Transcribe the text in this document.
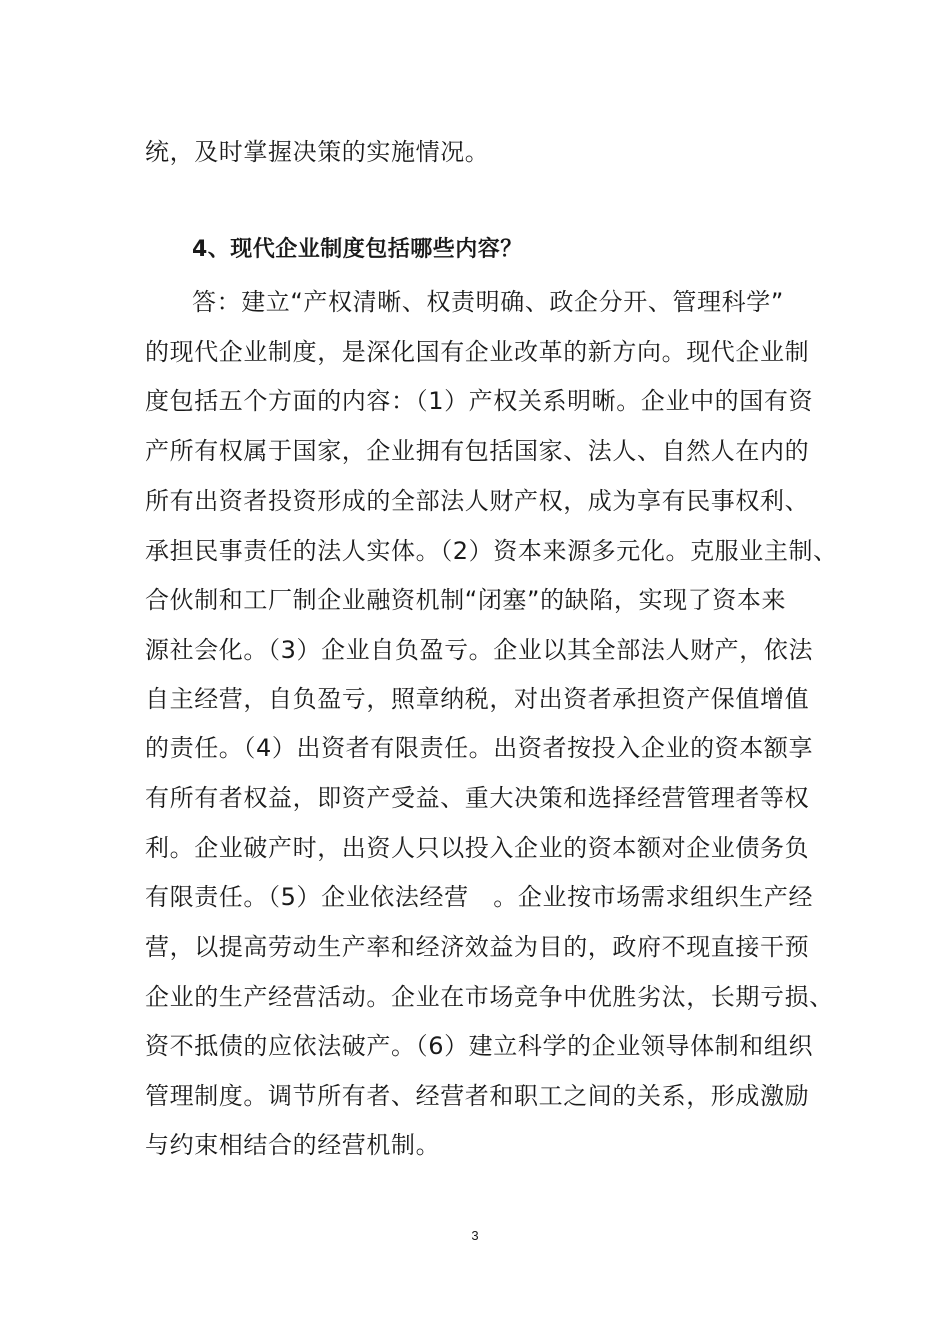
统，及时掌握决策的实施情况。
4、现代企业制度包括哪些内容？
答：建立“产权清晰、权责明确、政企分开、管理科学”
的现代企业制度，是深化国有企业改革的新方向。现代企业制
度包括五个方面的内容：（1）产权关系明晰。企业中的国有资
产所有权属于国家，企业拥有包括国家、法人、自然人在内的
所有出资者投资形成的全部法人财产权，成为享有民事权利、
承担民事责任的法人实体。（2）资本来源多元化。克服业主制、
合伙制和工厂制企业融资机制“闭塞”的缺陷，实现了资本来
源社会化。（3）企业自负盈亏。企业以其全部法人财产，依法
自主经营，自负盈亏，照章纳税，对出资者承担资产保值增值
的责任。（4）出资者有限责任。出资者按投入企业的资本额享
有所有者权益，即资产受益、重大决策和选择经营管理者等权
利。企业破产时，出资人只以投入企业的资本额对企业债务负
有限责任。（5）企业依法经营　。企业按市场需求组织生产经
营，以提高劳动生产率和经济效益为目的，政府不现直接干预
企业的生产经营活动。企业在市场竞争中优胜劣汰，长期亏损、
资不抵债的应依法破产。（6）建立科学的企业领导体制和组织
管理制度。调节所有者、经营者和职工之间的关系，形成激励
与约束相结合的经营机制。
3
